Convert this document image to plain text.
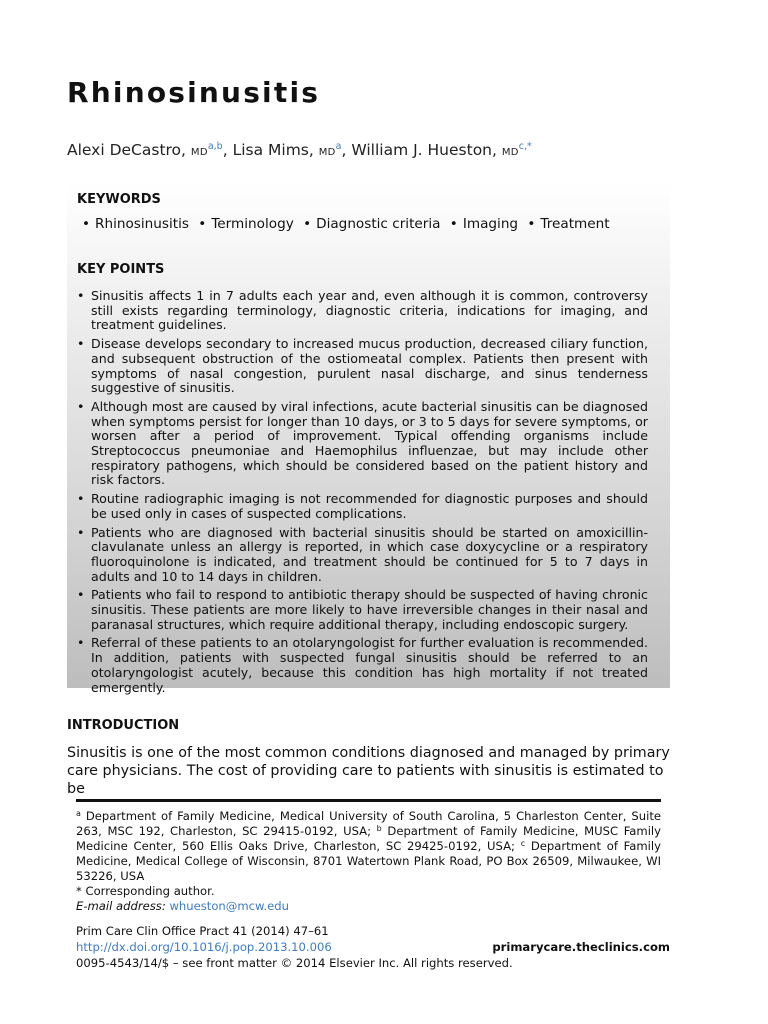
Rhinosinusitis
Alexi DeCastro, MD$^{a,b}$, Lisa Mims, $MD^a$, William J. Hueston, $MD^{c,*}$
KEYWORDS
• Rhinosinusitis • Terminology • Diagnostic criteria • Imaging • Treatment
KEY POINTS
• Sinusitis affects 1 in 7 adults each year and, even although it is common, controversy still exists regarding terminology, diagnostic criteria, indications for imaging, and treatment guidelines.
• Disease develops secondary to increased mucus production, decreased ciliary function, and subsequent obstruction of the ostiomeatal complex. Patients then present with symptoms of nasal congestion, purulent nasal discharge, and sinus tenderness suggestive of sinusitis.
• Although most are caused by viral infections, acute bacterial sinusitis can be diagnosed when symptoms persist for longer than 10 days, or 3 to 5 days for severe symptoms, or worsen after a period of improvement. Typical offending organisms include Streptococcus pneumoniae and Haemophilus influenzae, but may include other respiratory pathogens, which should be considered based on the patient history and risk factors.
• Routine radiographic imaging is not recommended for diagnostic purposes and should be used only in cases of suspected complications.
• Patients who are diagnosed with bacterial sinusitis should be started on amoxicillin-clavulanate unless an allergy is reported, in which case doxycycline or a respiratory fluoroquinolone is indicated, and treatment should be continued for 5 to 7 days in adults and 10 to 14 days in children.
• Patients who fail to respond to antibiotic therapy should be suspected of having chronic sinusitis. These patients are more likely to have irreversible changes in their nasal and paranasal structures, which require additional therapy, including endoscopic surgery.
• Referral of these patients to an otolaryngologist for further evaluation is recommended. In addition, patients with suspected fungal sinusitis should be referred to an otolaryngologist acutely, because this condition has high mortality if not treated emergently.
INTRODUCTION
Sinusitis is one of the most common conditions diagnosed and managed by primary care physicians. The cost of providing care to patients with sinusitis is estimated to be
$^a$ Department of Family Medicine, Medical University of South Carolina, 5 Charleston Center, Suite 263, MSC 192, Charleston, SC 29415-0192, USA; $^b$ Department of Family Medicine, MUSC Family Medicine Center, 560 Ellis Oaks Drive, Charleston, SC 29425-0192, USA; $^c$ Department of Family Medicine, Medical College of Wisconsin, 8701 Watertown Plank Road, PO Box 26509, Milwaukee, WI 53226, USA
* Corresponding author.
E-mail address: whueston@mcw.edu
Prim Care Clin Office Pract 41 (2014) 47–61
http://dx.doi.org/10.1016/j.pop.2013.10.006	primarycare.theclinics.com
0095-4543/14/$ – see front matter © 2014 Elsevier Inc. All rights reserved.
